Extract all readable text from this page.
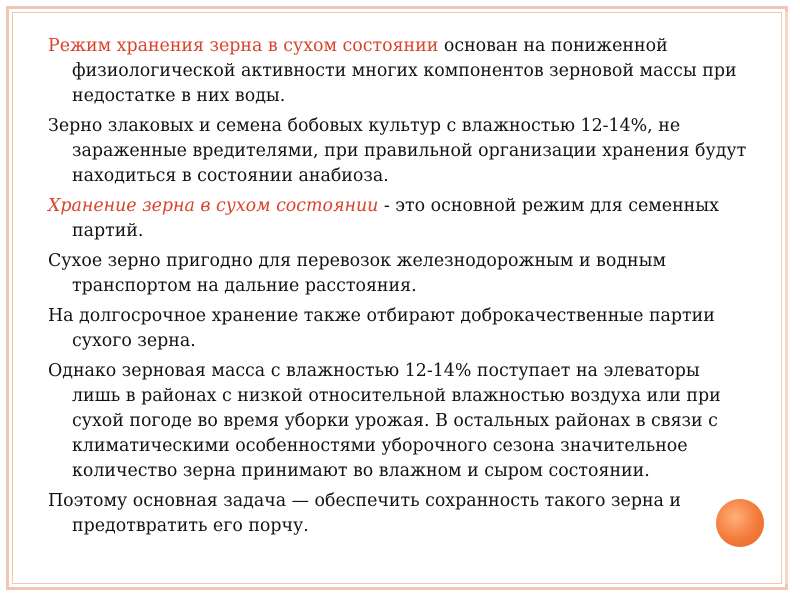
Режим хранения зерна в сухом состоянии основан на пониженной физиологической активности многих компонентов зерновой массы при недостатке в них воды.

Зерно злаковых и семена бобовых культур с влажностью 12-14%, не зараженные вредителями, при правильной организации хранения будут находиться в состоянии анабиоза.

Хранение зерна в сухом состоянии - это основной режим для семенных партий.

Сухое зерно пригодно для перевозок железнодорожным и водным транспортом на дальние расстояния.

На долгосрочное хранение также отбирают доброкачественные партии сухого зерна.

Однако зерновая масса с влажностью 12-14% поступает на элеваторы лишь в районах с низкой относительной влажностью воздуха или при сухой погоде во время уборки урожая. В остальных районах в связи с климатическими особенностями уборочного сезона значительное количество зерна принимают во влажном и сыром состоянии.

Поэтому основная задача — обеспечить сохранность такого зерна и предотвратить его порчу.
